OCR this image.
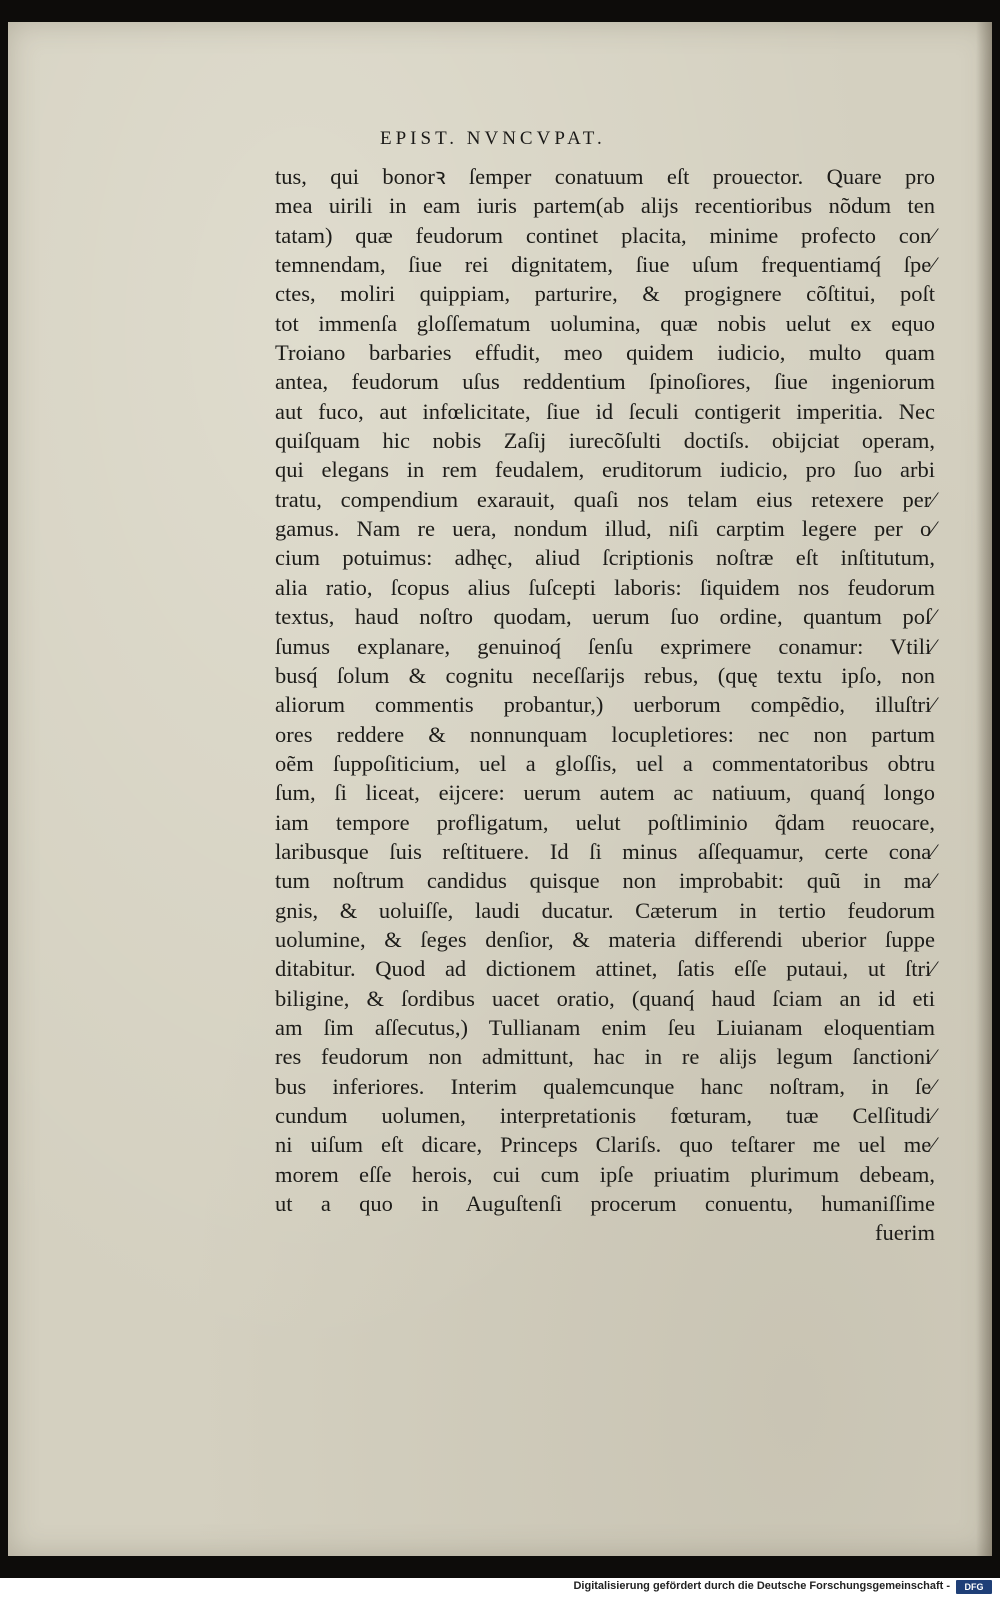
EPIST. NVNCVPAT.
tus, qui bonorꝛ ſemper conatuum eſt prouector. Quare pro
mea uirili in eam iuris partem(ab alijs recentioribus nõdum ten
tatam) quæ feudorum continet placita, minime profecto con⁄
temnendam, ſiue rei dignitatem, ſiue uſum frequentiamq́ ſpe⁄
ctes, moliri quippiam, parturire, & progignere cõſtitui, poſt
tot immenſa gloſſematum uolumina, quæ nobis uelut ex equo
Troiano barbaries effudit, meo quidem iudicio, multo quam
antea, feudorum uſus reddentium ſpinoſiores, ſiue ingeniorum
aut fuco, aut infœlicitate, ſiue id ſeculi contigerit imperitia. Nec
quiſquam hic nobis Zaſij iurecõſulti doctiſs. obijciat operam,
qui elegans in rem feudalem, eruditorum iudicio, pro ſuo arbi
tratu, compendium exarauit, quaſi nos telam eius retexere per⁄
gamus. Nam re uera, nondum illud, niſi carptim legere per o⁄
cium potuimus: adhęc, aliud ſcriptionis noſtræ eſt inſtitutum,
alia ratio, ſcopus alius ſuſcepti laboris: ſiquidem nos feudorum
textus, haud noſtro quodam, uerum ſuo ordine, quantum poſ⁄
ſumus explanare, genuinoq́ ſenſu exprimere conamur: Vtili⁄
busq́ ſolum & cognitu neceſſarijs rebus, (quę textu ipſo, non
aliorum commentis probantur,) uerborum compẽdio, illuſtri⁄
ores reddere & nonnunquam locupletiores: nec non partum
oẽm ſuppoſiticium, uel a gloſſis, uel a commentatoribus obtru
ſum, ſi liceat, eijcere: uerum autem ac natiuum, quanq́ longo
iam tempore profligatum, uelut poſtliminio q̃dam reuocare,
laribusque ſuis reſtituere. Id ſi minus aſſequamur, certe cona⁄
tum noſtrum candidus quisque non improbabit: quũ in ma⁄
gnis, & uoluiſſe, laudi ducatur. Cæterum in tertio feudorum
uolumine, & ſeges denſior, & materia differendi uberior ſuppe
ditabitur. Quod ad dictionem attinet, ſatis eſſe putaui, ut ſtri⁄
biligine, & ſordibus uacet oratio, (quanq́ haud ſciam an id eti
am ſim aſſecutus,) Tullianam enim ſeu Liuianam eloquentiam
res feudorum non admittunt, hac in re alijs legum ſanctioni⁄
bus inferiores. Interim qualemcunque hanc noſtram, in ſe⁄
cundum uolumen, interpretationis fœturam, tuæ Celſitudi⁄
ni uiſum eſt dicare, Princeps Clariſs. quo teſtarer me uel me⁄
morem eſſe herois, cui cum ipſe priuatim plurimum debeam,
ut a quo in Auguſtenſi procerum conuentu, humaniſſime
fuerim
Digitalisierung gefördert durch die Deutsche Forschungsgemeinschaft -	DFG
